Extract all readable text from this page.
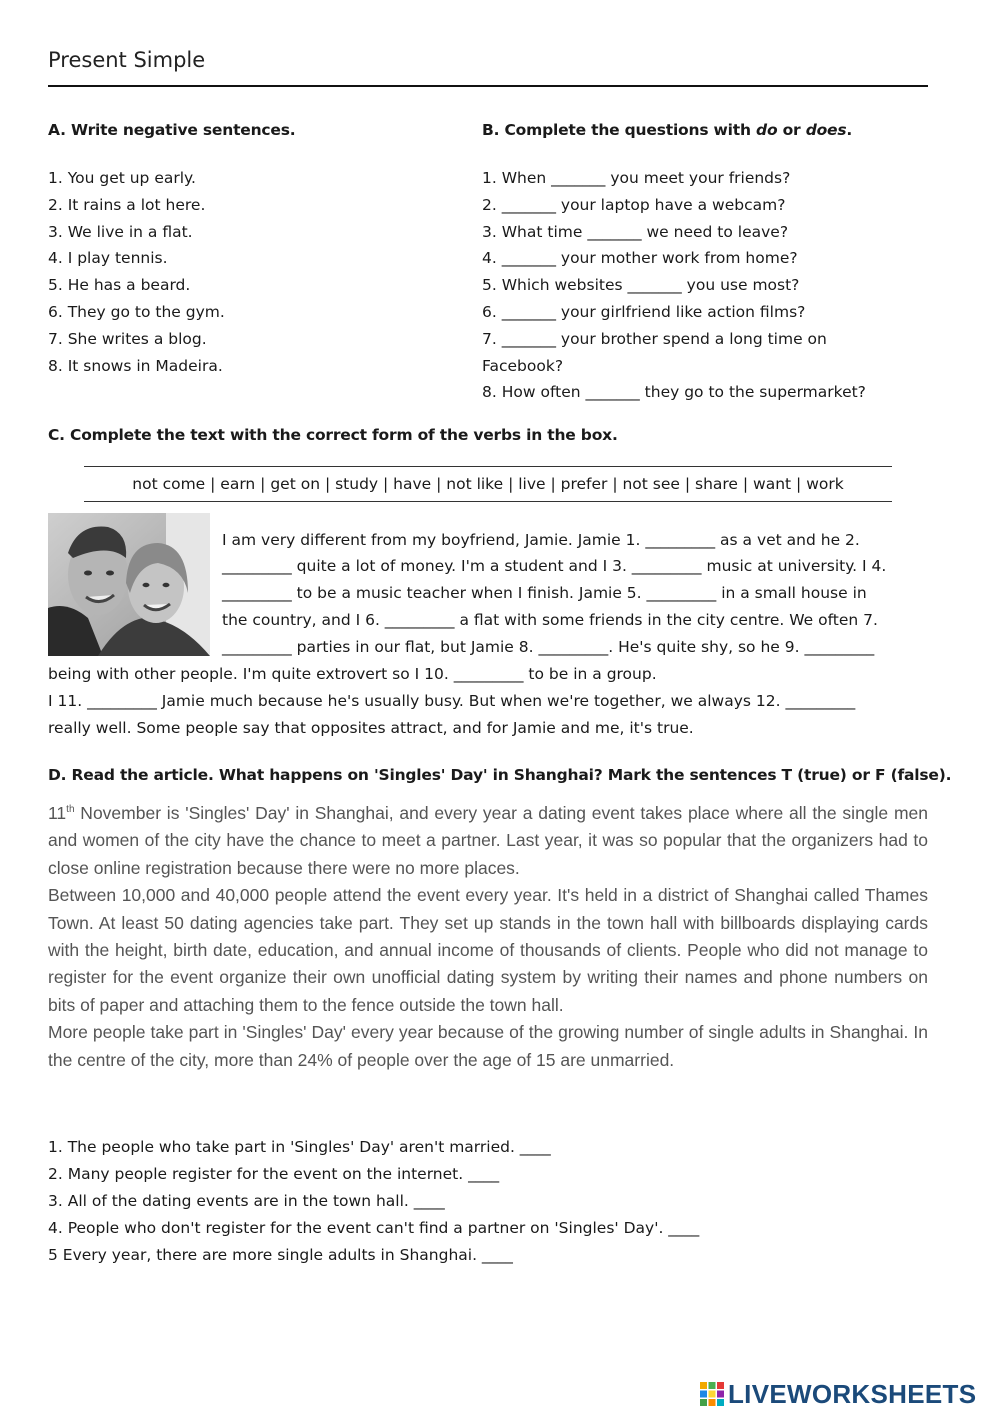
Present Simple
A. Write negative sentences.
1. You get up early.
2. It rains a lot here.
3. We live in a flat.
4. I play tennis.
5. He has a beard.
6. They go to the gym.
7. She writes a blog.
8. It snows in Madeira.
B. Complete the questions with do or does.
1. When _______ you meet your friends?
2. _______ your laptop have a webcam?
3. What time _______ we need to leave?
4. _______ your mother work from home?
5. Which websites _______ you use most?
6. _______ your girlfriend like action films?
7. _______ your brother spend a long time on
Facebook?
8. How often _______ they go to the supermarket?
C. Complete the text with the correct form of the verbs in the box.
not come | earn | get on | study | have | not like | live | prefer | not see | share | want | work
I am very different from my boyfriend, Jamie. Jamie 1. _________ as a vet and he 2.
_________ quite a lot of money. I'm a student and I 3. _________ music at university. I 4.
_________ to be a music teacher when I finish. Jamie 5. _________ in a small house in
the country, and I 6. _________ a flat with some friends in the city centre. We often 7.
_________ parties in our flat, but Jamie 8. _________. He's quite shy, so he 9. _________
being with other people. I'm quite extrovert so I 10. _________ to be in a group.
I 11. _________ Jamie much because he's usually busy. But when we're together, we always 12. _________
really well. Some people say that opposites attract, and for Jamie and me, it's true.
D. Read the article. What happens on 'Singles' Day' in Shanghai? Mark the sentences T (true) or F (false).

11th November is 'Singles' Day' in Shanghai, and every year a dating event takes place where all the single men and women of the city have the chance to meet a partner. Last year, it was so popular that the organizers had to close online registration because there were no more places.

Between 10,000 and 40,000 people attend the event every year. It's held in a district of Shanghai called Thames Town. At least 50 dating agencies take part. They set up stands in the town hall with billboards displaying cards with the height, birth date, education, and annual income of thousands of clients. People who did not manage to register for the event organize their own unofficial dating system by writing their names and phone numbers on bits of paper and attaching them to the fence outside the town hall.

More people take part in 'Singles' Day' every year because of the growing number of single adults in Shanghai. In the centre of the city, more than 24% of people over the age of 15 are unmarried.

1. The people who take part in 'Singles' Day' aren't married. ____
2. Many people register for the event on the internet. ____
3. All of the dating events are in the town hall. ____
4. People who don't register for the event can't find a partner on 'Singles' Day'. ____
5 Every year, there are more single adults in Shanghai. ____
LIVEWORKSHEETS
